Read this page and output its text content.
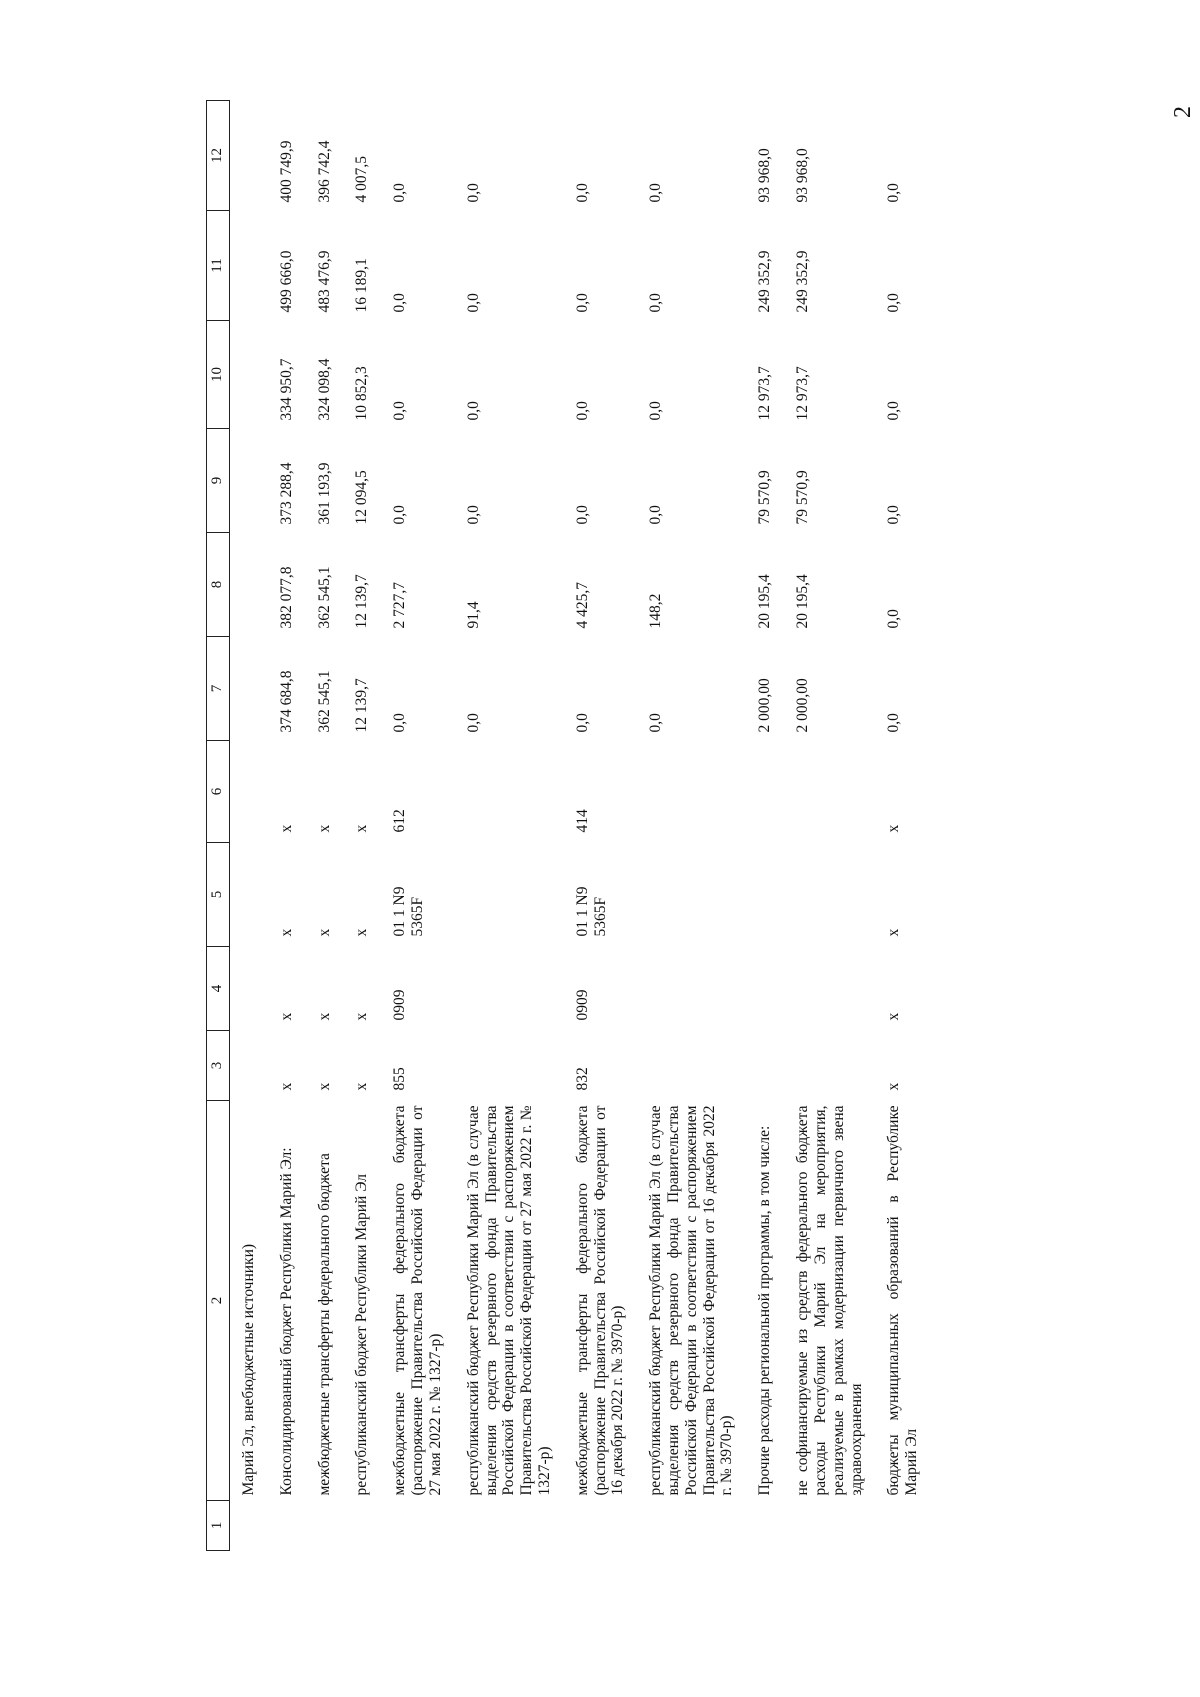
2
1	2	3	4	5	6	7	8	9	10	11	12
	Марий Эл, внебюджетные источники)										
	Консолидированный бюджет Республики Марий Эл:	x	x	x	x	374 684,8	382 077,8	373 288,4	334 950,7	499 666,0	400 749,9
	межбюджетные трансферты федерального бюджета	x	x	x	x	362 545,1	362 545,1	361 193,9	324 098,4	483 476,9	396 742,4
	республиканский бюджет Республики Марий Эл	x	x	x	x	12 139,7	12 139,7	12 094,5	10 852,3	16 189,1	4 007,5
	межбюджетные трансферты федерального бюджета (распоряжение Правительства Российской Федерации от 27 мая 2022 г. № 1327-р)	855	0909	01 1 N9 5365F	612	0,0	2 727,7	0,0	0,0	0,0	0,0
	республиканский бюджет Республики Марий Эл (в случае выделения средств резервного фонда Правительства Российской Федерации в соответствии с распоряжением Правительства Российской Федерации от 27 мая 2022 г. № 1327-р)					0,0	91,4	0,0	0,0	0,0	0,0
	межбюджетные трансферты федерального бюджета (распоряжение Правительства Российской Федерации от 16 декабря 2022 г. № 3970-р)	832	0909	01 1 N9 5365F	414	0,0	4 425,7	0,0	0,0	0,0	0,0
	республиканский бюджет Республики Марий Эл (в случае выделения средств резервного фонда Правительства Российской Федерации в соответствии с распоряжением Правительства Российской Федерации от 16 декабря 2022 г. № 3970-р)					0,0	148,2	0,0	0,0	0,0	0,0
	Прочие расходы региональной программы, в том числе:					2 000,00	20 195,4	79 570,9	12 973,7	249 352,9	93 968,0
	не софинансируемые из средств федерального бюджета расходы Республики Марий Эл на мероприятия, реализуемые в рамках модернизации первичного звена здравоохранения					2 000,00	20 195,4	79 570,9	12 973,7	249 352,9	93 968,0
	бюджеты муниципальных образований в Республике Марий Эл	x	x	x	x	0,0	0,0	0,0	0,0	0,0	0,0
